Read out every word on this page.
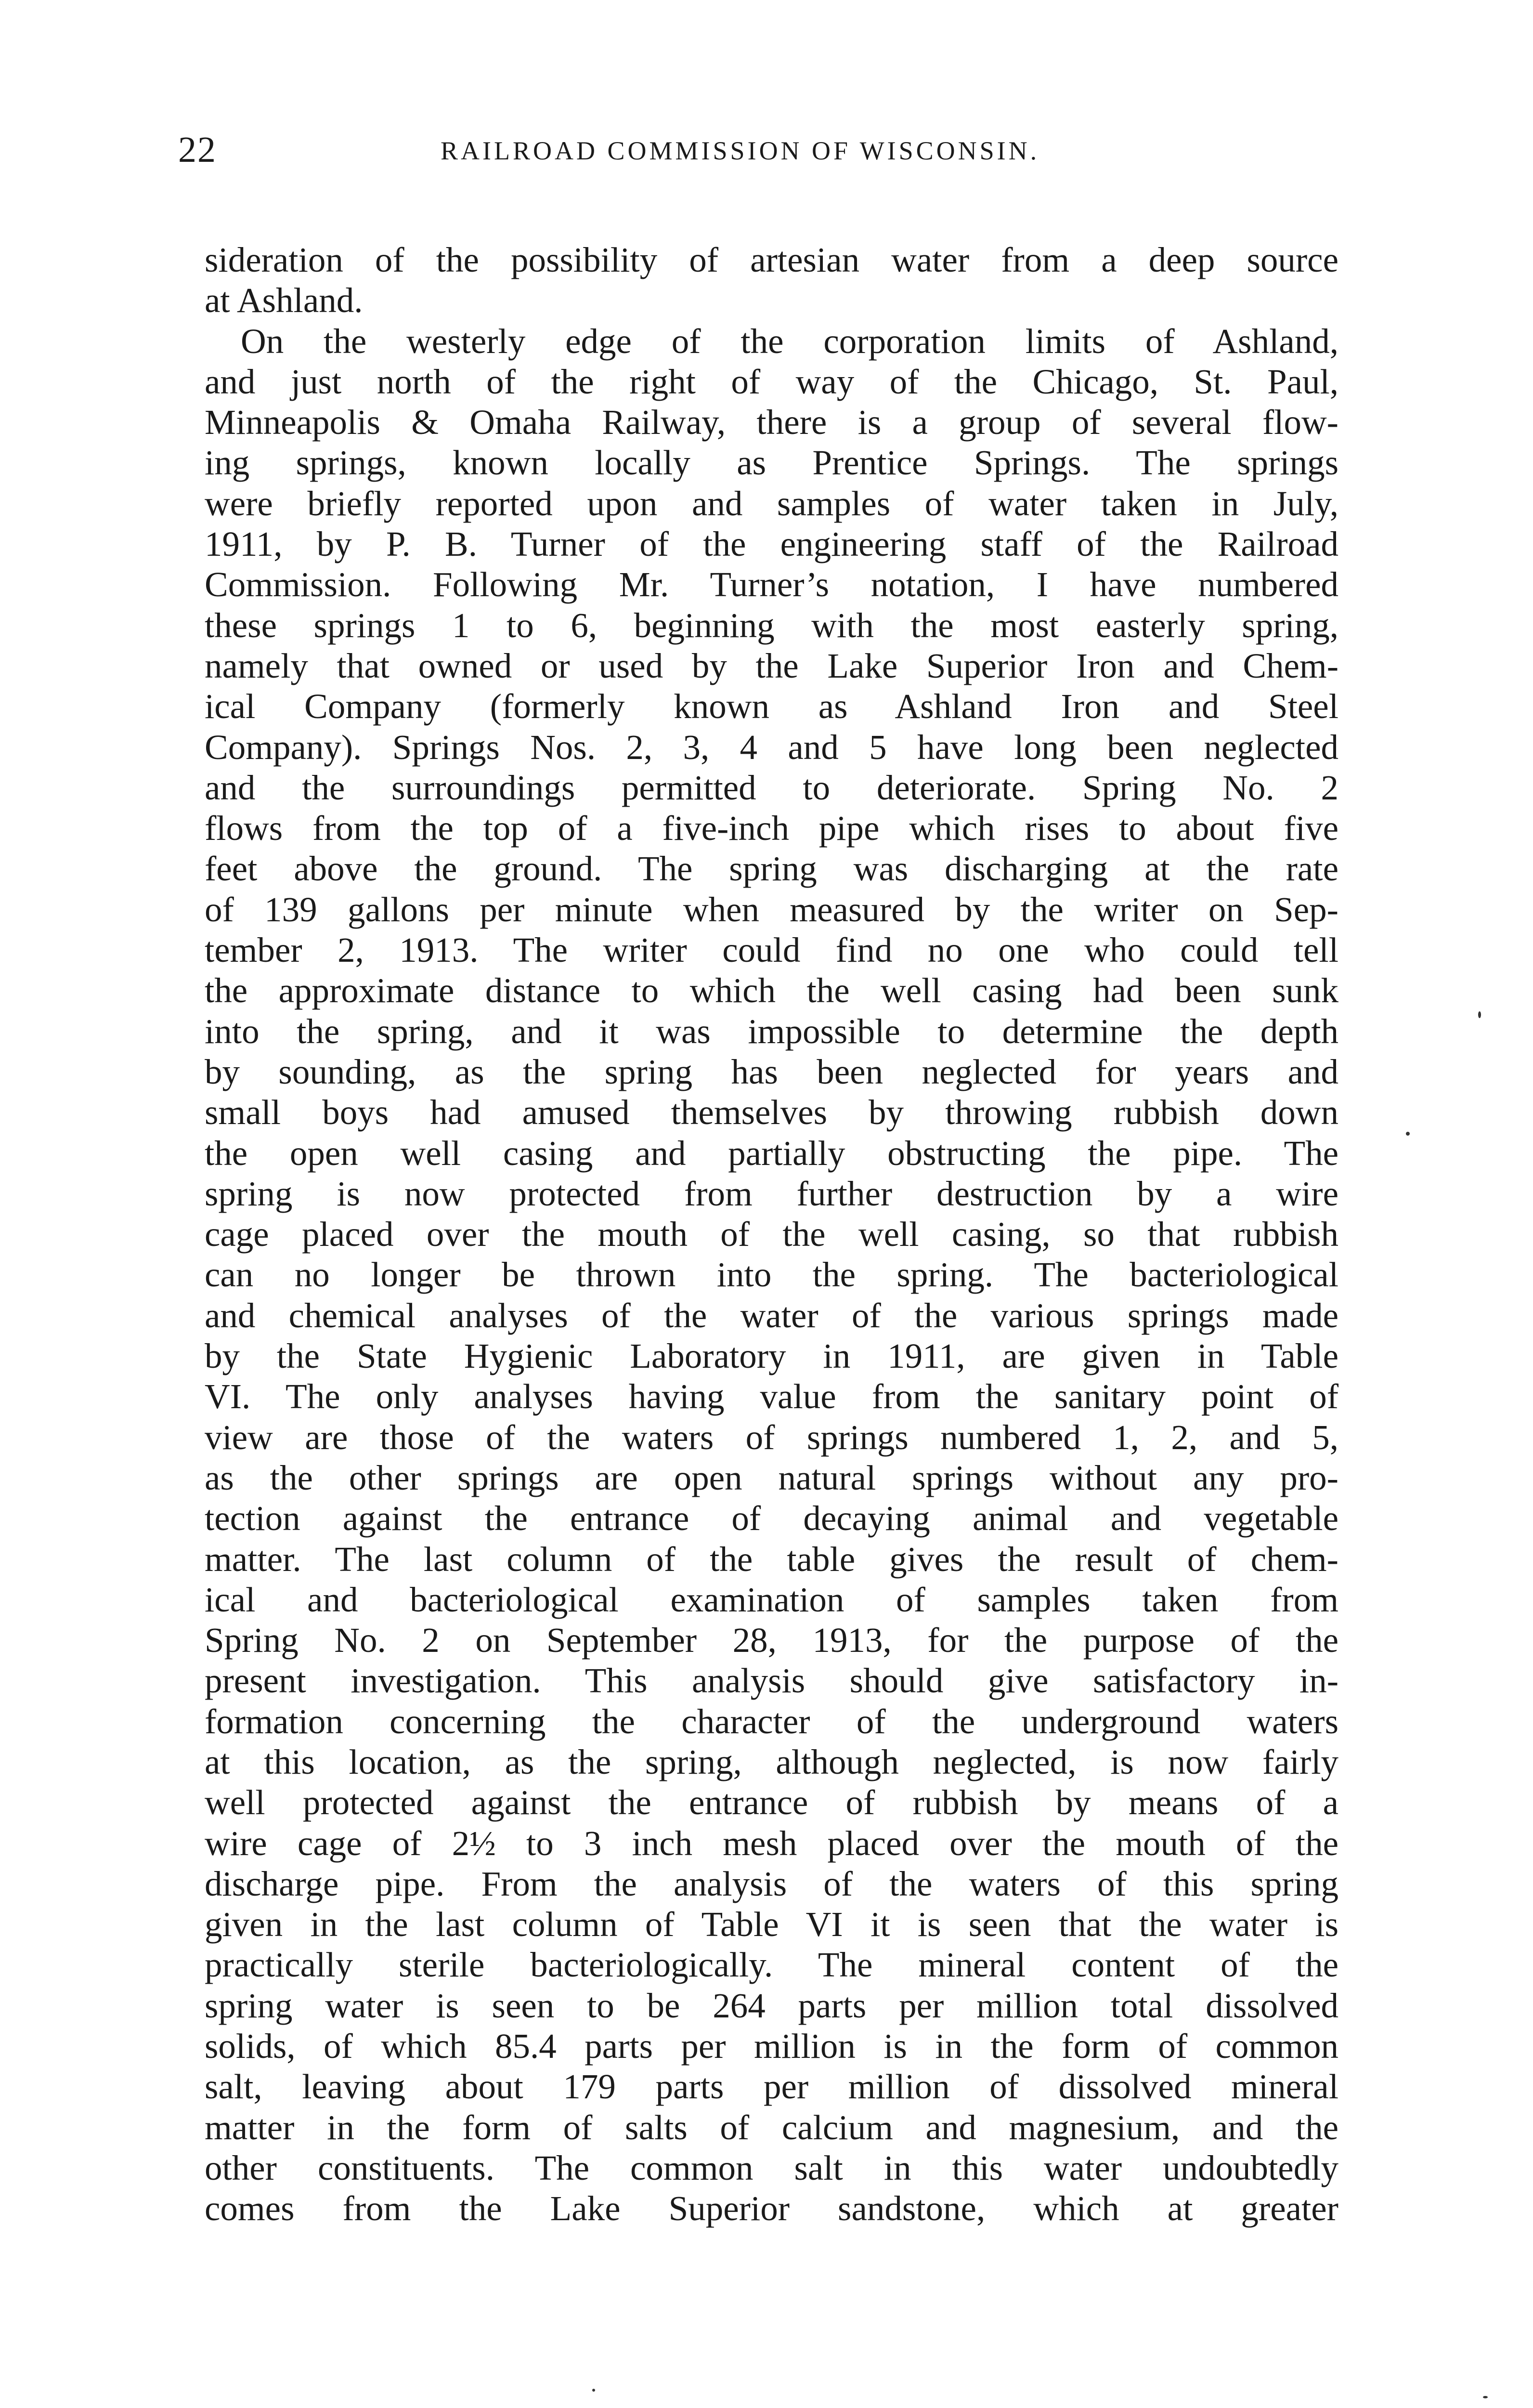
22	RAILROAD COMMISSION OF WISCONSIN.
sideration of the possibility of artesian water from a deep source
at Ashland.
On the westerly edge of the corporation limits of Ashland,
and just north of the right of way of the Chicago, St. Paul,
Minneapolis & Omaha Railway, there is a group of several flow-
ing springs, known locally as Prentice Springs. The springs
were briefly reported upon and samples of water taken in July,
1911, by P. B. Turner of the engineering staff of the Railroad
Commission. Following Mr. Turner’s notation, I have numbered
these springs 1 to 6, beginning with the most easterly spring,
namely that owned or used by the Lake Superior Iron and Chem-
ical Company (formerly known as Ashland Iron and Steel
Company). Springs Nos. 2, 3, 4 and 5 have long been neglected
and the surroundings permitted to deteriorate. Spring No. 2
flows from the top of a five-inch pipe which rises to about five
feet above the ground. The spring was discharging at the rate
of 139 gallons per minute when measured by the writer on Sep-
tember 2, 1913. The writer could find no one who could tell
the approximate distance to which the well casing had been sunk
into the spring, and it was impossible to determine the depth
by sounding, as the spring has been neglected for years and
small boys had amused themselves by throwing rubbish down
the open well casing and partially obstructing the pipe. The
spring is now protected from further destruction by a wire
cage placed over the mouth of the well casing, so that rubbish
can no longer be thrown into the spring. The bacteriological
and chemical analyses of the water of the various springs made
by the State Hygienic Laboratory in 1911, are given in Table
VI. The only analyses having value from the sanitary point of
view are those of the waters of springs numbered 1, 2, and 5,
as the other springs are open natural springs without any pro-
tection against the entrance of decaying animal and vegetable
matter. The last column of the table gives the result of chem-
ical and bacteriological examination of samples taken from
Spring No. 2 on September 28, 1913, for the purpose of the
present investigation. This analysis should give satisfactory in-
formation concerning the character of the underground waters
at this location, as the spring, although neglected, is now fairly
well protected against the entrance of rubbish by means of a
wire cage of 2½ to 3 inch mesh placed over the mouth of the
discharge pipe. From the analysis of the waters of this spring
given in the last column of Table VI it is seen that the water is
practically sterile bacteriologically. The mineral content of the
spring water is seen to be 264 parts per million total dissolved
solids, of which 85.4 parts per million is in the form of common
salt, leaving about 179 parts per million of dissolved mineral
matter in the form of salts of calcium and magnesium, and the
other constituents. The common salt in this water undoubtedly
comes from the Lake Superior sandstone, which at greater
